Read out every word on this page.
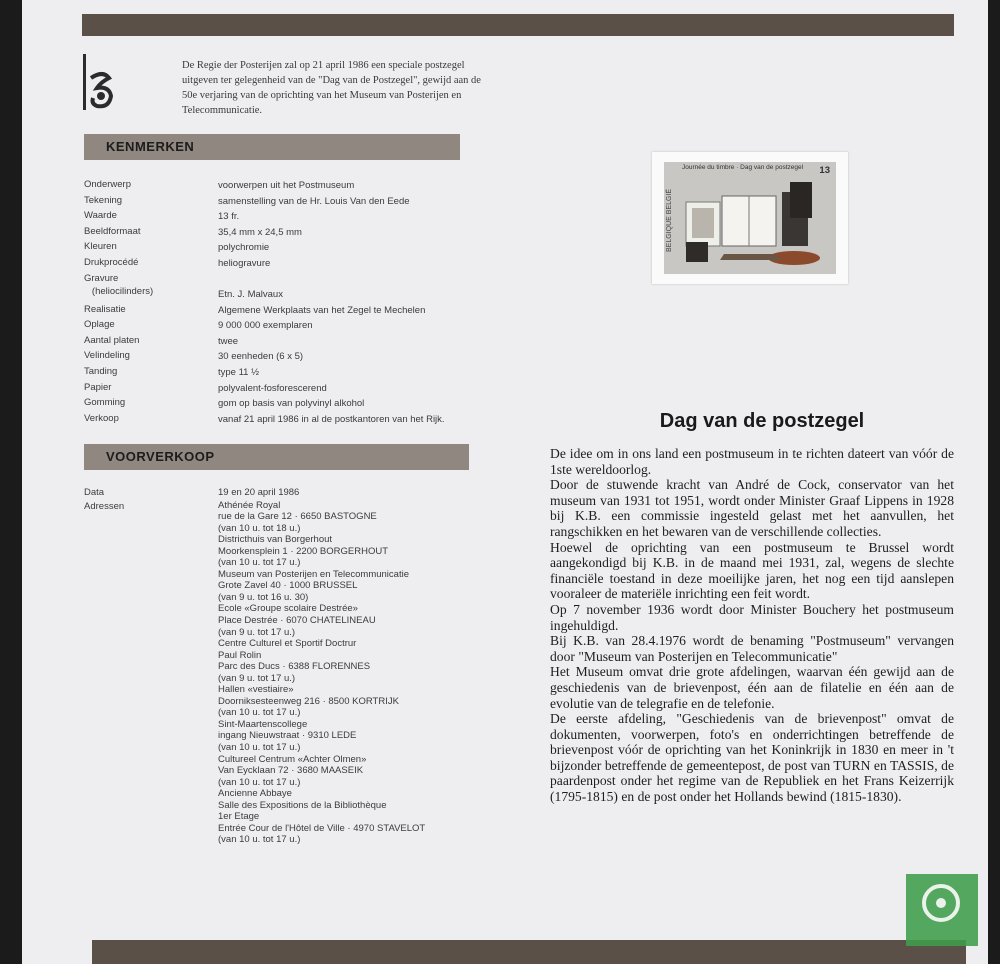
De Regie der Posterijen zal op 21 april 1986 een speciale postzegel uitgeven ter gelegenheid van de "Dag van de Postzegel", gewijd aan de 50e verjaring van de oprichting van het Museum van Posterijen en Telecommunicatie.
KENMERKEN
Onderwerp	voorwerpen uit het Postmuseum
Tekening	samenstelling van de Hr. Louis Van den Eede
Waarde	13 fr.
Beeldformaat	35,4 mm x 24,5 mm
Kleuren	polychromie
Drukprocédé	heliogravure
Gravure
(heliocilinders)	Etn. J. Malvaux
Realisatie	Algemene Werkplaats van het Zegel te Mechelen
Oplage	9 000 000 exemplaren
Aantal platen	twee
Velindeling	30 eenheden (6 x 5)
Tanding	type 11 ½
Papier	polyvalent-fosforescerend
Gomming	gom op basis van polyvinyl alkohol
Verkoop	vanaf 21 april 1986 in al de postkantoren van het Rijk.
VOORVERKOOP
Data	19 en 20 april 1986
Adressen	Athénée Royal
rue de la Gare 12 · 6650 BASTOGNE
(van 10 u. tot 18 u.)
Districthuis van Borgerhout
Moorkensplein 1 · 2200 BORGERHOUT
(van 10 u. tot 17 u.)
Museum van Posterijen en Telecommunicatie
Grote Zavel 40 · 1000 BRUSSEL
(van 9 u. tot 16 u. 30)
Ecole «Groupe scolaire Destrée»
Place Destrée · 6070 CHATELINEAU
(van 9 u. tot 17 u.)
Centre Culturel et Sportif Doctrur
Paul Rolin
Parc des Ducs · 6388 FLORENNES
(van 9 u. tot 17 u.)
Hallen «vestiaire»
Doorniksesteenweg 216 · 8500 KORTRIJK
(van 10 u. tot 17 u.)
Sint-Maartenscollege
ingang Nieuwstraat · 9310 LEDE
(van 10 u. tot 17 u.)
Cultureel Centrum «Achter Olmen»
Van Eycklaan 72 · 3680 MAASEIK
(van 10 u. tot 17 u.)
Ancienne Abbaye
Salle des Expositions de la Bibliothèque
1er Etage
Entrée Cour de l'Hôtel de Ville · 4970 STAVELOT
(van 10 u. tot 17 u.)
BELGIQUE BELGIË
Journée du timbre · Dag van de postzegel 13
Dag van de postzegel

De idee om in ons land een postmuseum in te richten dateert van vóór de 1ste wereldoorlog.

Door de stuwende kracht van André de Cock, conservator van het museum van 1931 tot 1951, wordt onder Minister Graaf Lippens in 1928 bij K.B. een commissie ingesteld gelast met het aanvullen, het rangschikken en het bewaren van de verschillende collecties.

Hoewel de oprichting van een postmuseum te Brussel wordt aangekondigd bij K.B. in de maand mei 1931, zal, wegens de slechte financiële toestand in deze moeilijke jaren, het nog een tijd aanslepen vooraleer de materiële inrichting een feit wordt.

Op 7 november 1936 wordt door Minister Bouchery het postmuseum ingehuldigd.

Bij K.B. van 28.4.1976 wordt de benaming "Postmuseum" vervangen door "Museum van Posterijen en Telecommunicatie"

Het Museum omvat drie grote afdelingen, waarvan één gewijd aan de geschiedenis van de brievenpost, één aan de filatelie en één aan de evolutie van de telegrafie en de telefonie.

De eerste afdeling, "Geschiedenis van de brievenpost" omvat de dokumenten, voorwerpen, foto's en onderrichtingen betreffende de brievenpost vóór de oprichting van het Koninkrijk in 1830 en meer in 't bijzonder betreffende de gemeentepost, de post van TURN en TASSIS, de paardenpost onder het regime van de Republiek en het Frans Keizerrijk (1795-1815) en de post onder het Hollands bewind (1815-1830).
